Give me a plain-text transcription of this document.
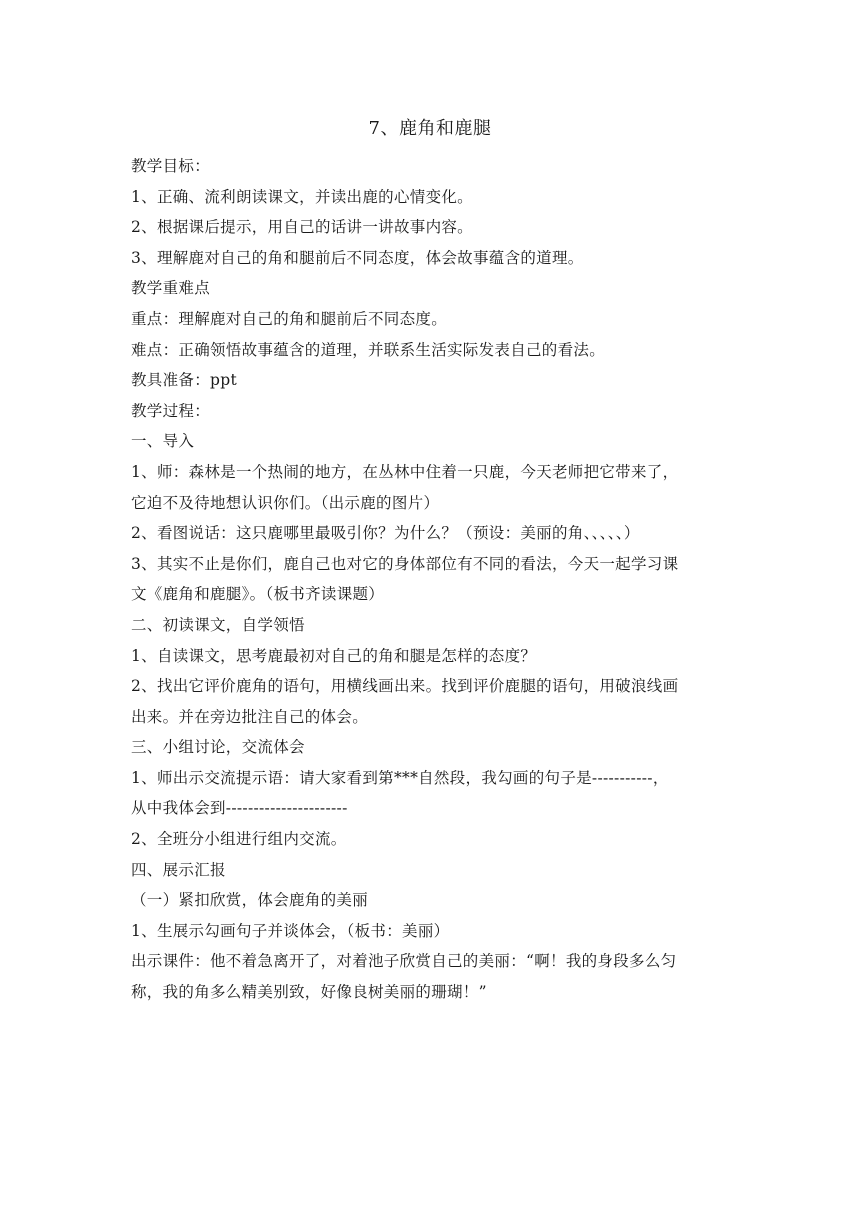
7、鹿角和鹿腿
教学目标：
1、正确、流利朗读课文，并读出鹿的心情变化。
2、根据课后提示，用自己的话讲一讲故事内容。
3、理解鹿对自己的角和腿前后不同态度，体会故事蕴含的道理。
教学重难点
重点：理解鹿对自己的角和腿前后不同态度。
难点：正确领悟故事蕴含的道理，并联系生活实际发表自己的看法。
教具准备：ppt
教学过程：
一、导入
1、师：森林是一个热闹的地方，在丛林中住着一只鹿，今天老师把它带来了，
它迫不及待地想认识你们。（出示鹿的图片）
2、看图说话：这只鹿哪里最吸引你？为什么？（预设：美丽的角、、、、、）
3、其实不止是你们，鹿自己也对它的身体部位有不同的看法，今天一起学习课
文《鹿角和鹿腿》。（板书齐读课题）
二、初读课文，自学领悟
1、自读课文，思考鹿最初对自己的角和腿是怎样的态度？
2、找出它评价鹿角的语句，用横线画出来。找到评价鹿腿的语句，用破浪线画
出来。并在旁边批注自己的体会。
三、小组讨论，交流体会
1、师出示交流提示语：请大家看到第***自然段，我勾画的句子是-----------，
从中我体会到----------------------
2、全班分小组进行组内交流。
四、展示汇报
（一）紧扣欣赏，体会鹿角的美丽
1、生展示勾画句子并谈体会，（板书：美丽）
出示课件：他不着急离开了，对着池子欣赏自己的美丽：“啊！我的身段多么匀
称，我的角多么精美别致，好像良树美丽的珊瑚！”
